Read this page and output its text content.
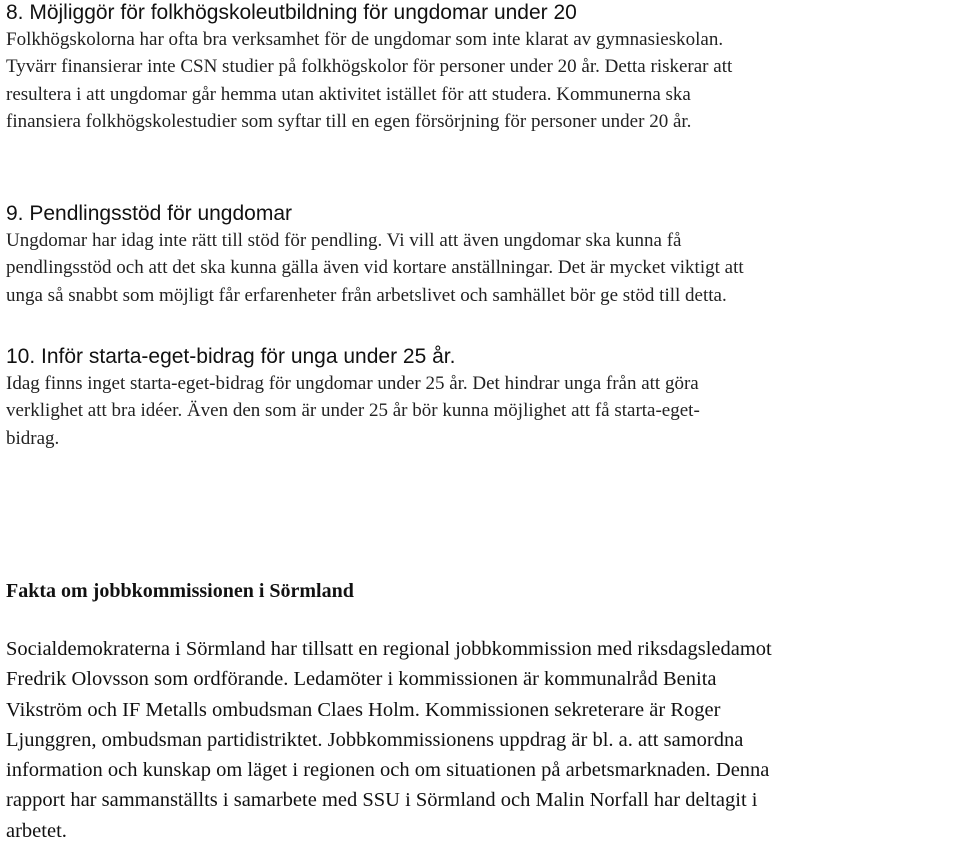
8. Möjliggör för folkhögskoleutbildning för ungdomar under 20

Folkhögskolorna har ofta bra verksamhet för de ungdomar som inte klarat av gymnasieskolan.
Tyvärr finansierar inte CSN studier på folkhögskolor för personer under 20 år. Detta riskerar att
resultera i att ungdomar går hemma utan aktivitet istället för att studera. Kommunerna ska
finansiera folkhögskolestudier som syftar till en egen försörjning för personer under 20 år.

9. Pendlingsstöd för ungdomar

Ungdomar har idag inte rätt till stöd för pendling. Vi vill att även ungdomar ska kunna få
pendlingsstöd och att det ska kunna gälla även vid kortare anställningar. Det är mycket viktigt att
unga så snabbt som möjligt får erfarenheter från arbetslivet och samhället bör ge stöd till detta.

10. Inför starta-eget-bidrag för unga under 25 år.

Idag finns inget starta-eget-bidrag för ungdomar under 25 år. Det hindrar unga från att göra
verklighet att bra idéer. Även den som är under 25 år bör kunna möjlighet att få starta-eget-
bidrag.

Fakta om jobbkommissionen i Sörmland

Socialdemokraterna i Sörmland har tillsatt en regional jobbkommission med riksdagsledamot
Fredrik Olovsson som ordförande. Ledamöter i kommissionen är kommunalråd Benita
Vikström och IF Metalls ombudsman Claes Holm. Kommissionen sekreterare är Roger
Ljunggren, ombudsman partidistriktet. Jobbkommissionens uppdrag är bl. a. att samordna
information och kunskap om läget i regionen och om situationen på arbetsmarknaden. Denna
rapport har sammanställts i samarbete med SSU i Sörmland och Malin Norfall har deltagit i
arbetet.
